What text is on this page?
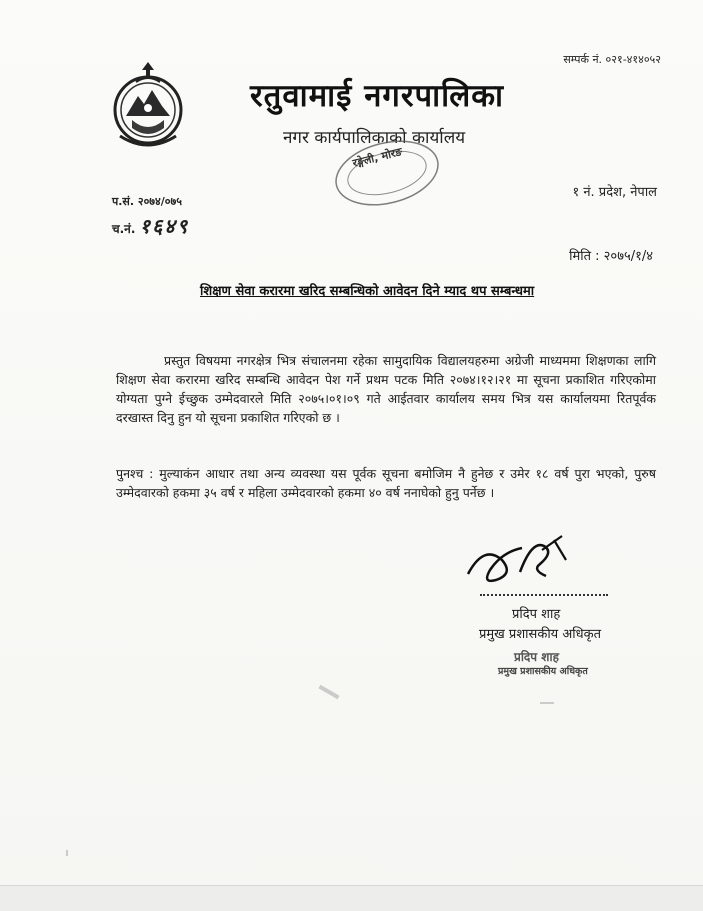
सम्पर्क नं. ०२१-४१४०५२
रतुवामाई नगरपालिका
नगर कार्यपालिकाको कार्यालय
रङ्गेली, मोरङ
१ नं. प्रदेश, नेपाल
प.सं. २०७४/०७५
च.नं. १६४९
मिति : २०७५/१/४
शिक्षण सेवा करारमा खरिद सम्बन्धिको आवेदन दिने म्याद थप सम्बन्धमा

प्रस्तुत विषयमा नगरक्षेत्र भित्र संचालनमा रहेका सामुदायिक विद्यालयहरुमा अग्रेजी माध्यममा शिक्षणका लागि शिक्षण सेवा करारमा खरिद सम्बन्धि आवेदन पेश गर्ने प्रथम पटक मिति २०७४।१२।२१ मा सूचना प्रकाशित गरिएकोमा योग्यता पुग्ने ईच्छुक उम्मेदवारले मिति २०७५।०१।०९ गते आईतवार कार्यालय समय भित्र यस कार्यालयमा रितपूर्वक दरखास्त दिनु हुन यो सूचना प्रकाशित गरिएको छ ।

पुनश्च : मुल्याकंन आधार तथा अन्य व्यवस्था यस पूर्वक सूचना बमोजिम नै हुनेछ र उमेर १८ वर्ष पुरा भएको, पुरुष उम्मेदवारको हकमा ३५ वर्ष र महिला उम्मेदवारको हकमा ४० वर्ष ननाघेको हुनु पर्नेछ ।

प्रदिप शाह
प्रमुख प्रशासकीय अधिकृत
प्रदिप शाह
प्रमुख प्रशासकीय अधिकृत
